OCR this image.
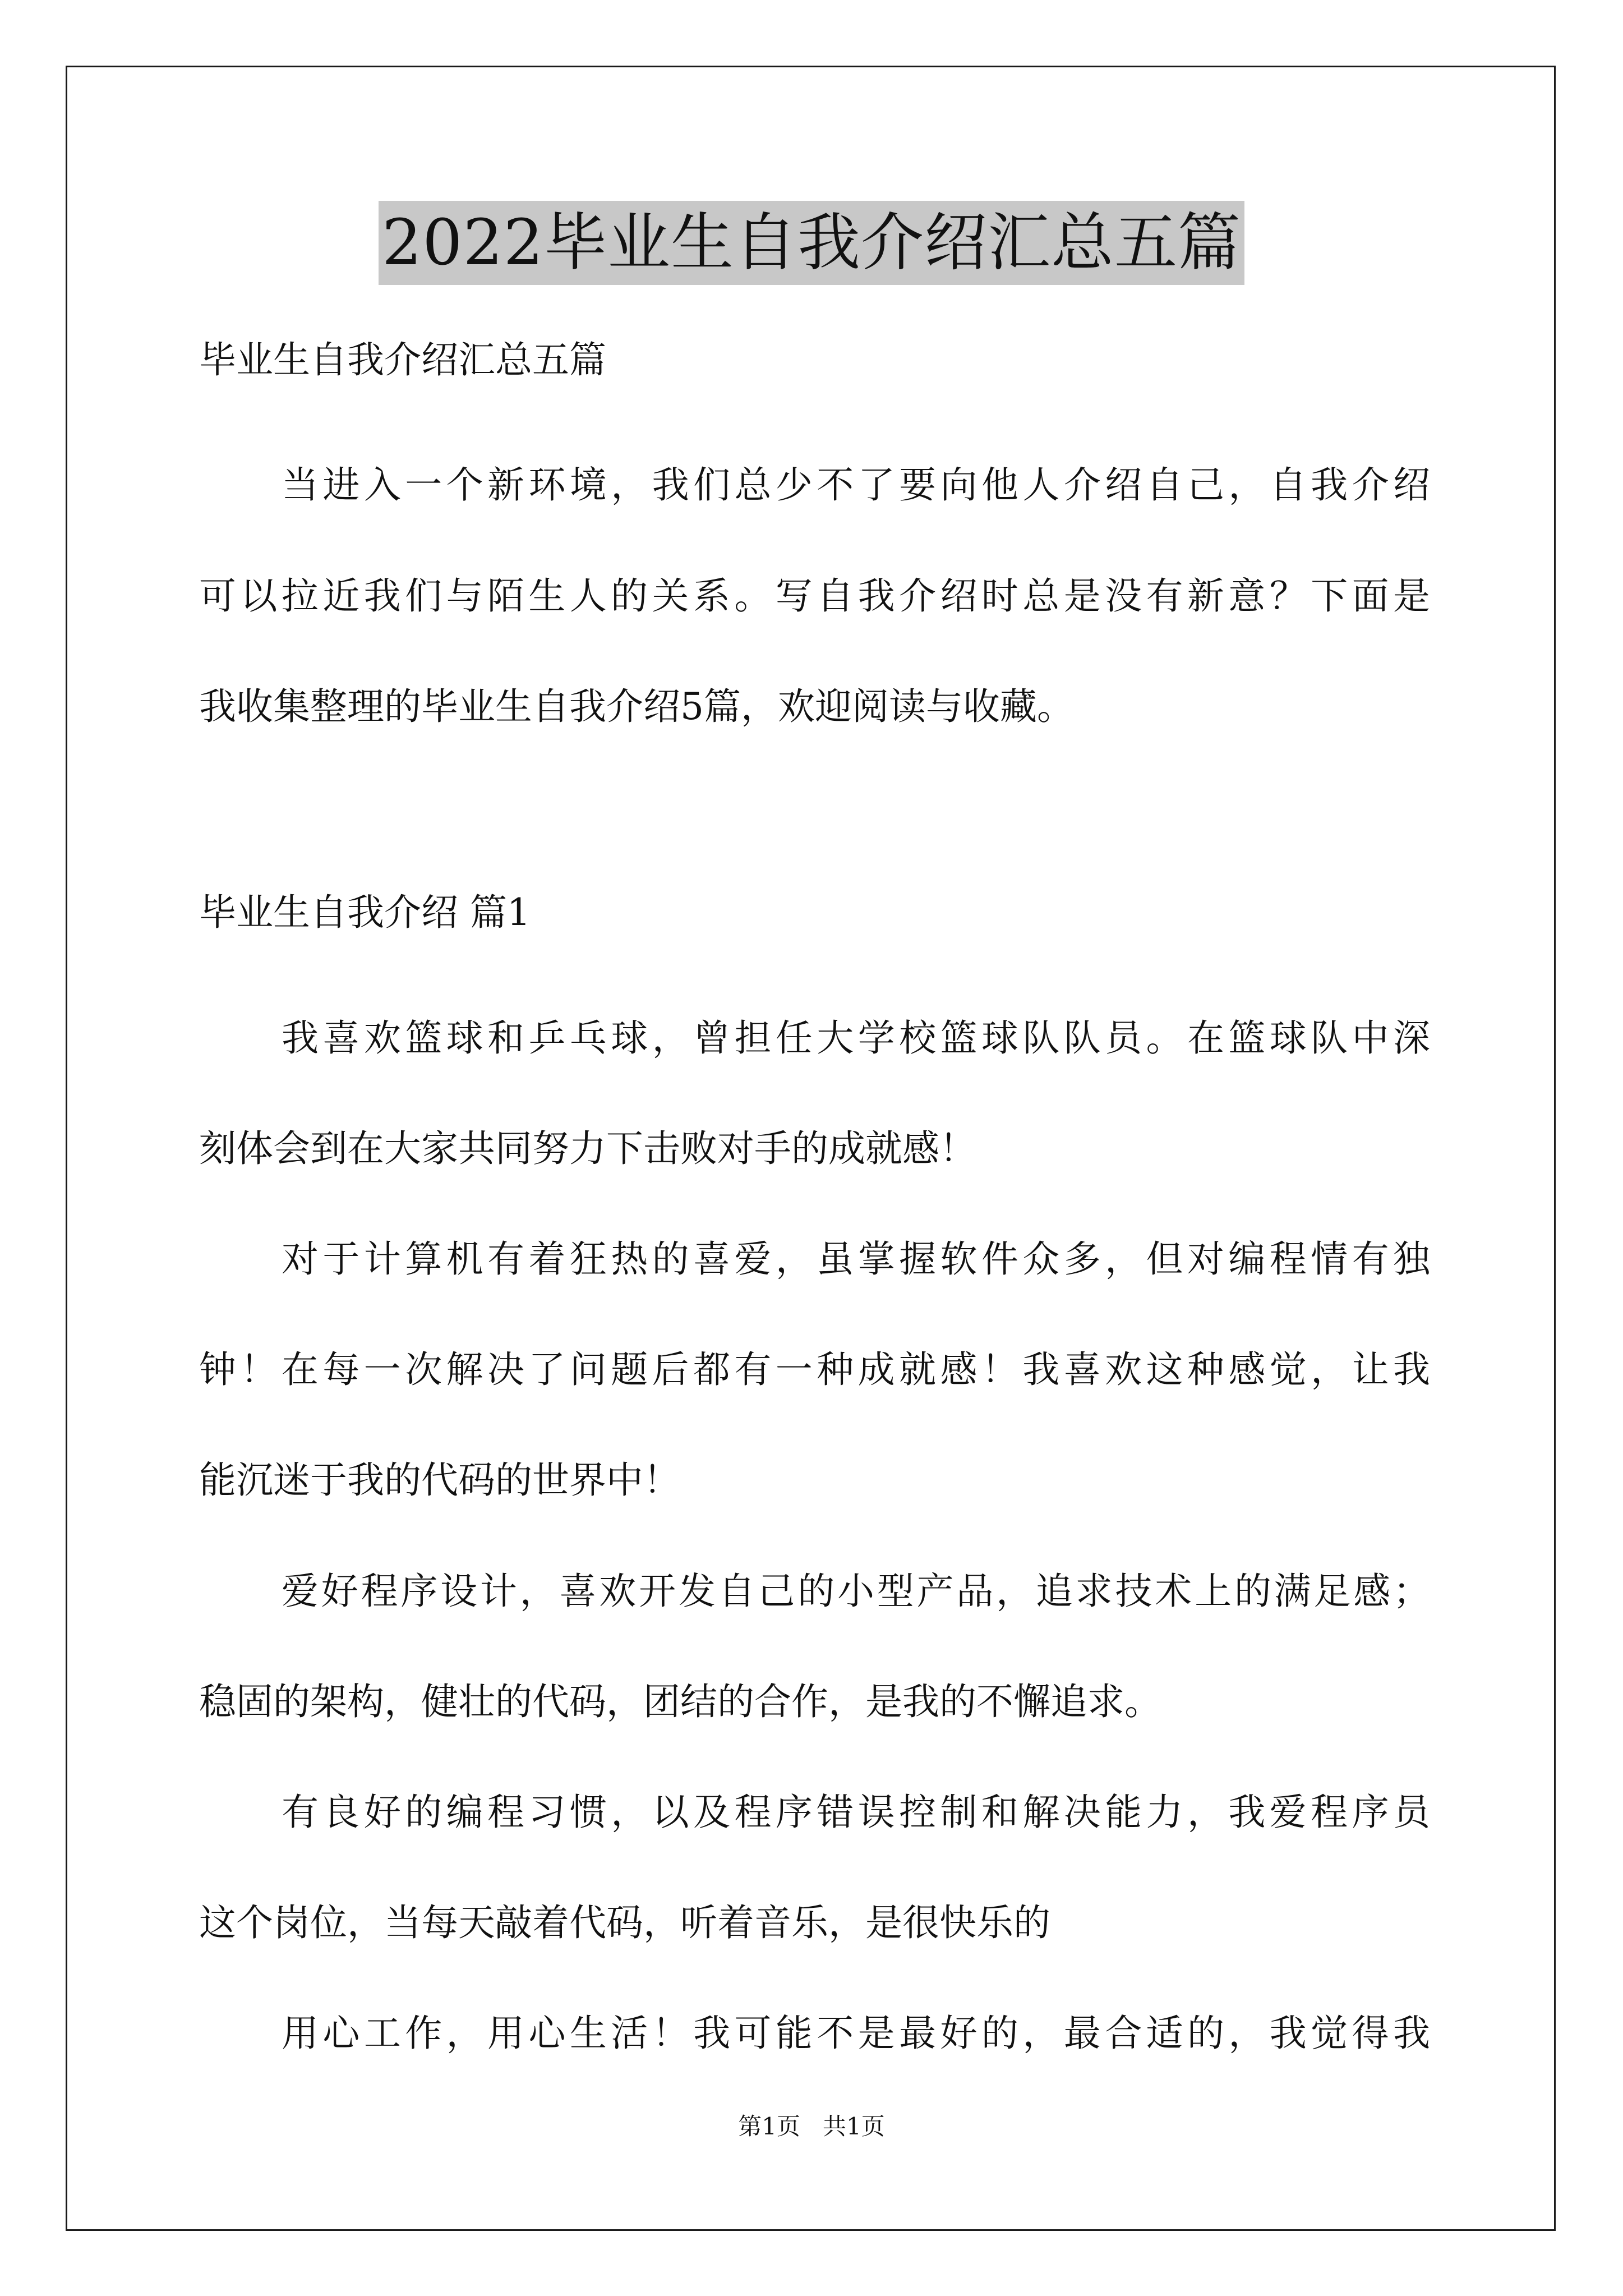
2022毕业生自我介绍汇总五篇
毕业生自我介绍汇总五篇
当进入一个新环境，我们总少不了要向他人介绍自己，自我介绍
可以拉近我们与陌生人的关系。写自我介绍时总是没有新意？下面是
我收集整理的毕业生自我介绍5篇，欢迎阅读与收藏。
毕业生自我介绍 篇1
我喜欢篮球和乒乓球，曾担任大学校篮球队队员。在篮球队中深
刻体会到在大家共同努力下击败对手的成就感！
对于计算机有着狂热的喜爱，虽掌握软件众多，但对编程情有独
钟！在每一次解决了问题后都有一种成就感！我喜欢这种感觉，让我
能沉迷于我的代码的世界中！
爱好程序设计，喜欢开发自己的小型产品，追求技术上的满足感；
稳固的架构，健壮的代码，团结的合作，是我的不懈追求。
有良好的编程习惯，以及程序错误控制和解决能力，我爱程序员
这个岗位，当每天敲着代码，听着音乐，是很快乐的
用心工作，用心生活！我可能不是最好的，最合适的，我觉得我
第1页   共1页
